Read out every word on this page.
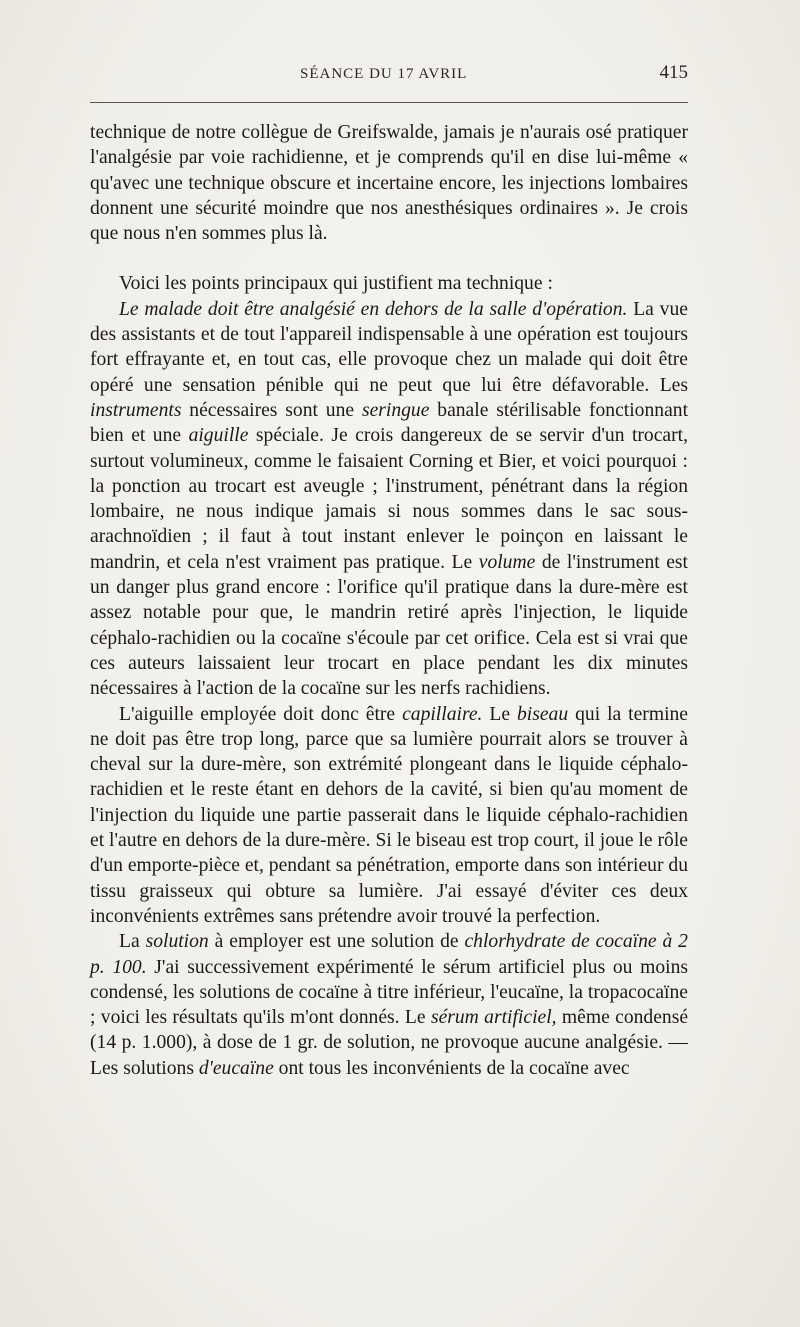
SÉANCE DU 17 AVRIL	415

technique de notre collègue de Greifswalde, jamais je n'aurais osé pratiquer l'analgésie par voie rachidienne, et je comprends qu'il en dise lui-même « qu'avec une technique obscure et incertaine encore, les injections lombaires donnent une sécurité moindre que nos anesthésiques ordinaires ». Je crois que nous n'en sommes plus là.

Voici les points principaux qui justifient ma technique :

Le malade doit être analgésié en dehors de la salle d'opération. La vue des assistants et de tout l'appareil indispensable à une opération est toujours fort effrayante et, en tout cas, elle provoque chez un malade qui doit être opéré une sensation pénible qui ne peut que lui être défavorable. Les instruments nécessaires sont une seringue banale stérilisable fonctionnant bien et une aiguille spéciale. Je crois dangereux de se servir d'un trocart, surtout volumineux, comme le faisaient Corning et Bier, et voici pourquoi : la ponction au trocart est aveugle ; l'instrument, pénétrant dans la région lombaire, ne nous indique jamais si nous sommes dans le sac sous-arachnoïdien ; il faut à tout instant enlever le poinçon en laissant le mandrin, et cela n'est vraiment pas pratique. Le volume de l'instrument est un danger plus grand encore : l'orifice qu'il pratique dans la dure-mère est assez notable pour que, le mandrin retiré après l'injection, le liquide céphalo-rachidien ou la cocaïne s'écoule par cet orifice. Cela est si vrai que ces auteurs laissaient leur trocart en place pendant les dix minutes nécessaires à l'action de la cocaïne sur les nerfs rachidiens.

L'aiguille employée doit donc être capillaire. Le biseau qui la termine ne doit pas être trop long, parce que sa lumière pourrait alors se trouver à cheval sur la dure-mère, son extrémité plongeant dans le liquide céphalo-rachidien et le reste étant en dehors de la cavité, si bien qu'au moment de l'injection du liquide une partie passerait dans le liquide céphalo-rachidien et l'autre en dehors de la dure-mère. Si le biseau est trop court, il joue le rôle d'un emporte-pièce et, pendant sa pénétration, emporte dans son intérieur du tissu graisseux qui obture sa lumière. J'ai essayé d'éviter ces deux inconvénients extrêmes sans prétendre avoir trouvé la perfection.

La solution à employer est une solution de chlorhydrate de cocaïne à 2 p. 100. J'ai successivement expérimenté le sérum artificiel plus ou moins condensé, les solutions de cocaïne à titre inférieur, l'eucaïne, la tropacocaïne ; voici les résultats qu'ils m'ont donnés. Le sérum artificiel, même condensé (14 p. 1.000), à dose de 1 gr. de solution, ne provoque aucune analgésie. — Les solutions d'eucaïne ont tous les inconvénients de la cocaïne avec
